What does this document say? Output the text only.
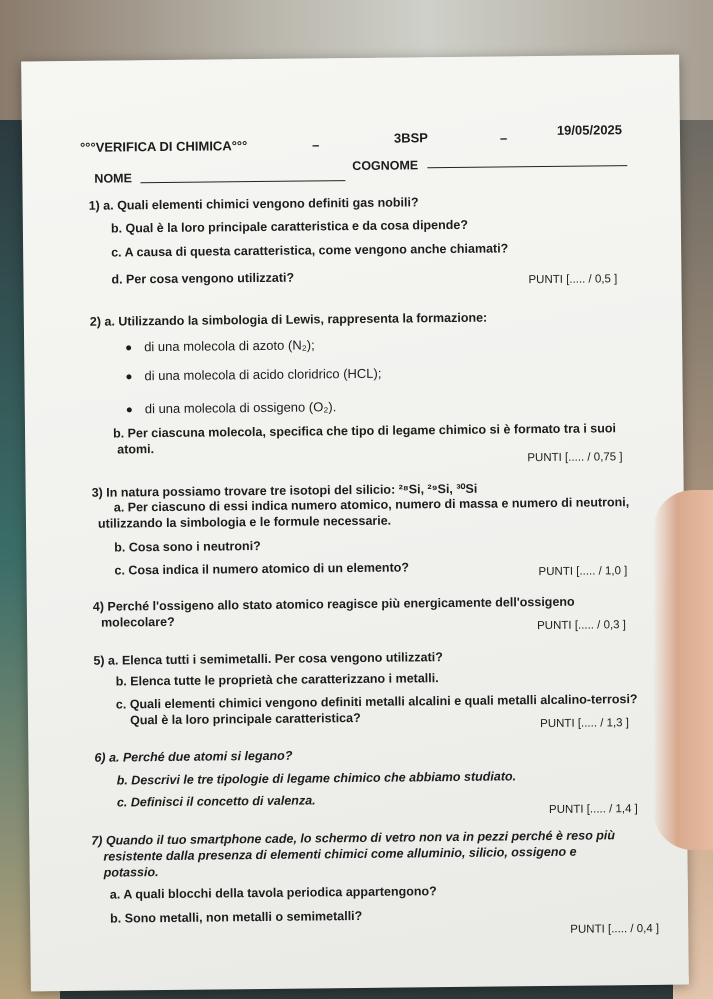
°°°VERIFICA DI CHIMICA°°°	–	3BSP	–
19/05/2025
NOME
COGNOME
1) a. Quali elementi chimici vengono definiti gas nobili?
b. Qual è la loro principale caratteristica e da cosa dipende?
c. A causa di questa caratteristica, come vengono anche chiamati?
d. Per cosa vengono utilizzati?	PUNTI [..... / 0,5 ]
2) a. Utilizzando la simbologia di Lewis, rappresenta la formazione:
di una molecola di azoto (N₂);
di una molecola di acido cloridrico (HCL);
di una molecola di ossigeno (O₂).
b. Per ciascuna molecola, specifica che tipo di legame chimico si è formato tra i suoi
atomi.
PUNTI [..... / 0,75 ]
3) In natura possiamo trovare tre isotopi del silicio: ²⁸Si, ²⁹Si, ³⁰Si
a. Per ciascuno di essi indica numero atomico, numero di massa e numero di neutroni,
utilizzando la simbologia e le formule necessarie.
b. Cosa sono i neutroni?
c. Cosa indica il numero atomico di un elemento?	PUNTI [..... / 1,0 ]
4) Perché l'ossigeno allo stato atomico reagisce più energicamente dell'ossigeno
molecolare?	PUNTI [..... / 0,3 ]
5) a. Elenca tutti i semimetalli. Per cosa vengono utilizzati?
b. Elenca tutte le proprietà che caratterizzano i metalli.
c. Quali elementi chimici vengono definiti metalli alcalini e quali metalli alcalino-terrosi?
Qual è la loro principale caratteristica?	PUNTI [..... / 1,3 ]
6) a. Perché due atomi si legano?
b. Descrivi le tre tipologie di legame chimico che abbiamo studiato.
c. Definisci il concetto di valenza.
PUNTI [..... / 1,4 ]
7) Quando il tuo smartphone cade, lo schermo di vetro non va in pezzi perché è reso più
resistente dalla presenza di elementi chimici come alluminio, silicio, ossigeno e
potassio.
a. A quali blocchi della tavola periodica appartengono?
b. Sono metalli, non metalli o semimetalli?
PUNTI [..... / 0,4 ]
